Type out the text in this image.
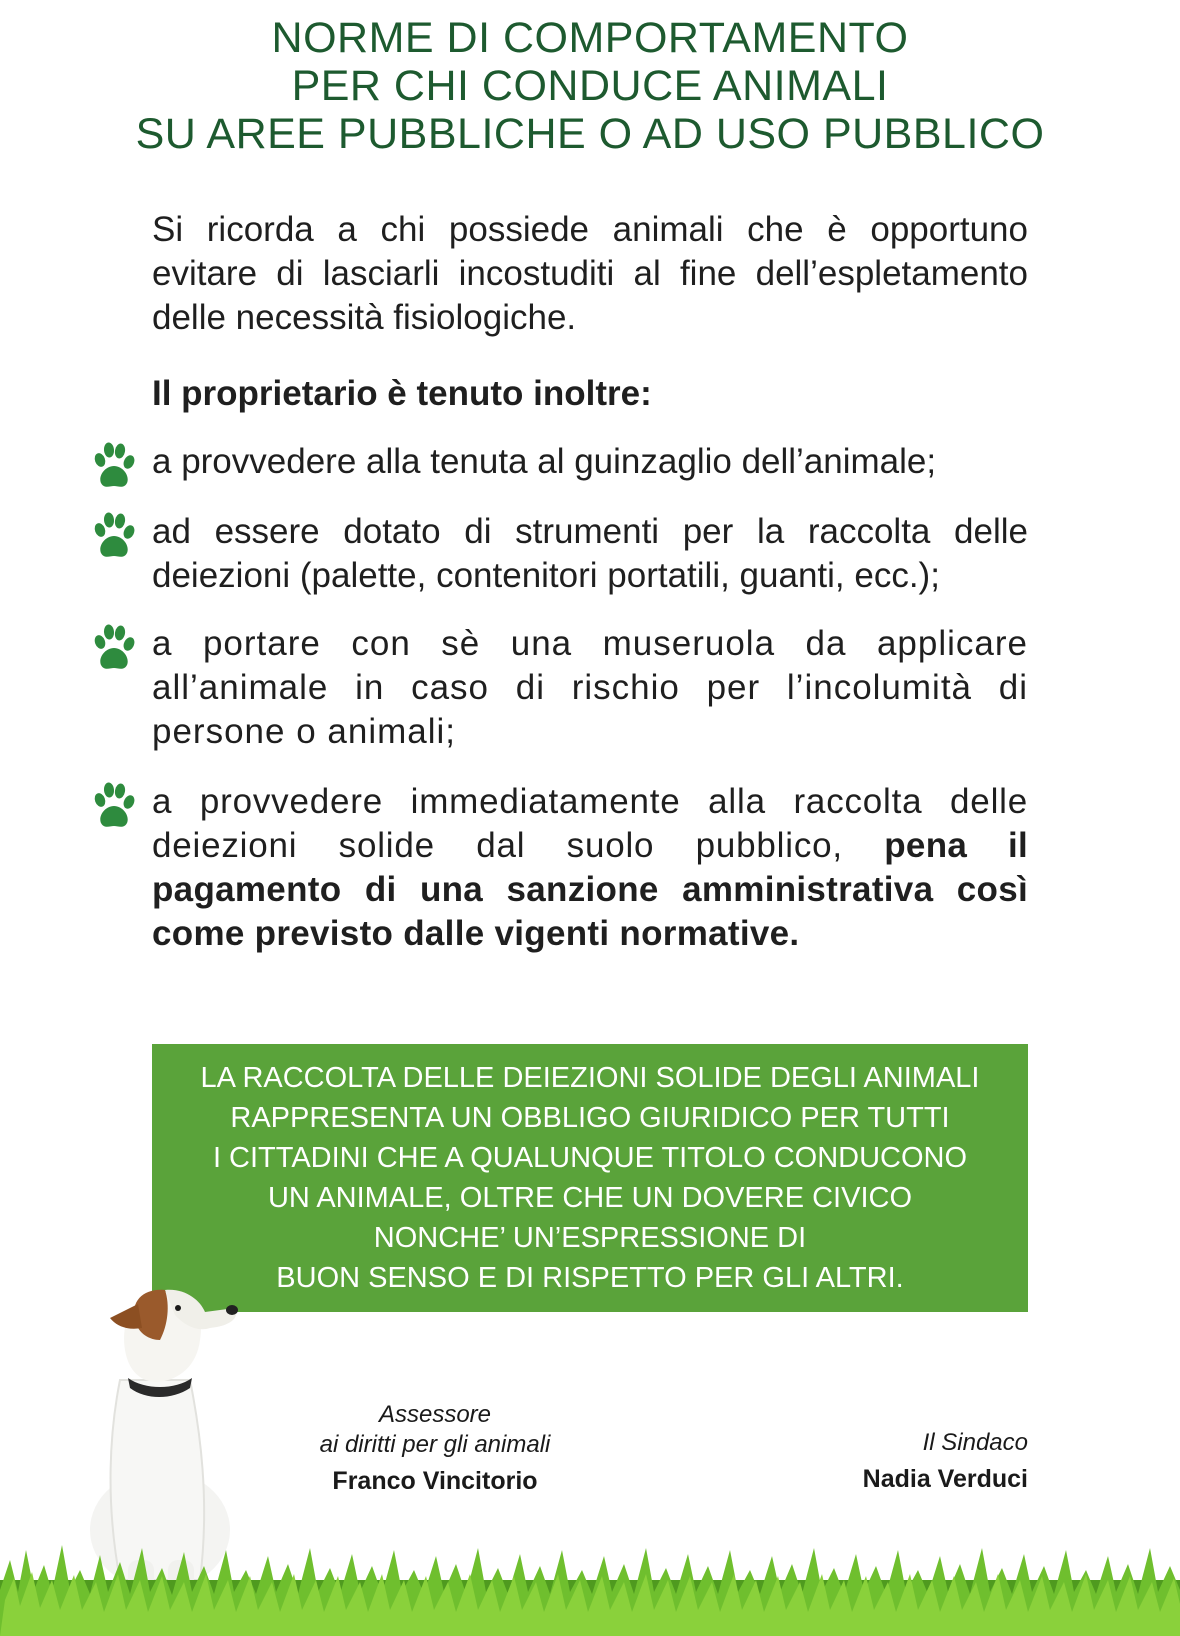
NORME DI COMPORTAMENTO
PER CHI CONDUCE ANIMALI
SU AREE PUBBLICHE O AD USO PUBBLICO
Si ricorda a chi possiede animali che è opportuno evitare di lasciarli incostuditi al fine dell’espletamento delle necessità fisiologiche.
Il proprietario è tenuto inoltre:
a provvedere alla tenuta al guinzaglio dell’animale;
ad essere dotato di strumenti per la raccolta delle deiezioni (palette, contenitori portatili, guanti, ecc.);
a portare con sè una museruola da applicare all’animale in caso di rischio per l’incolumità di persone o animali;
a provvedere immediatamente alla raccolta delle deiezioni solide dal suolo pubblico, pena il pagamento di una sanzione amministrativa così come previsto dalle vigenti normative.
LA RACCOLTA DELLE DEIEZIONI SOLIDE DEGLI ANIMALI
RAPPRESENTA UN OBBLIGO GIURIDICO PER TUTTI
I CITTADINI CHE A QUALUNQUE TITOLO CONDUCONO
UN ANIMALE, OLTRE CHE UN DOVERE CIVICO
NONCHE’ UN’ESPRESSIONE DI
BUON SENSO E DI RISPETTO PER GLI ALTRI.
Assessore
ai diritti per gli animali
Franco Vincitorio
Il Sindaco
Nadia Verduci
